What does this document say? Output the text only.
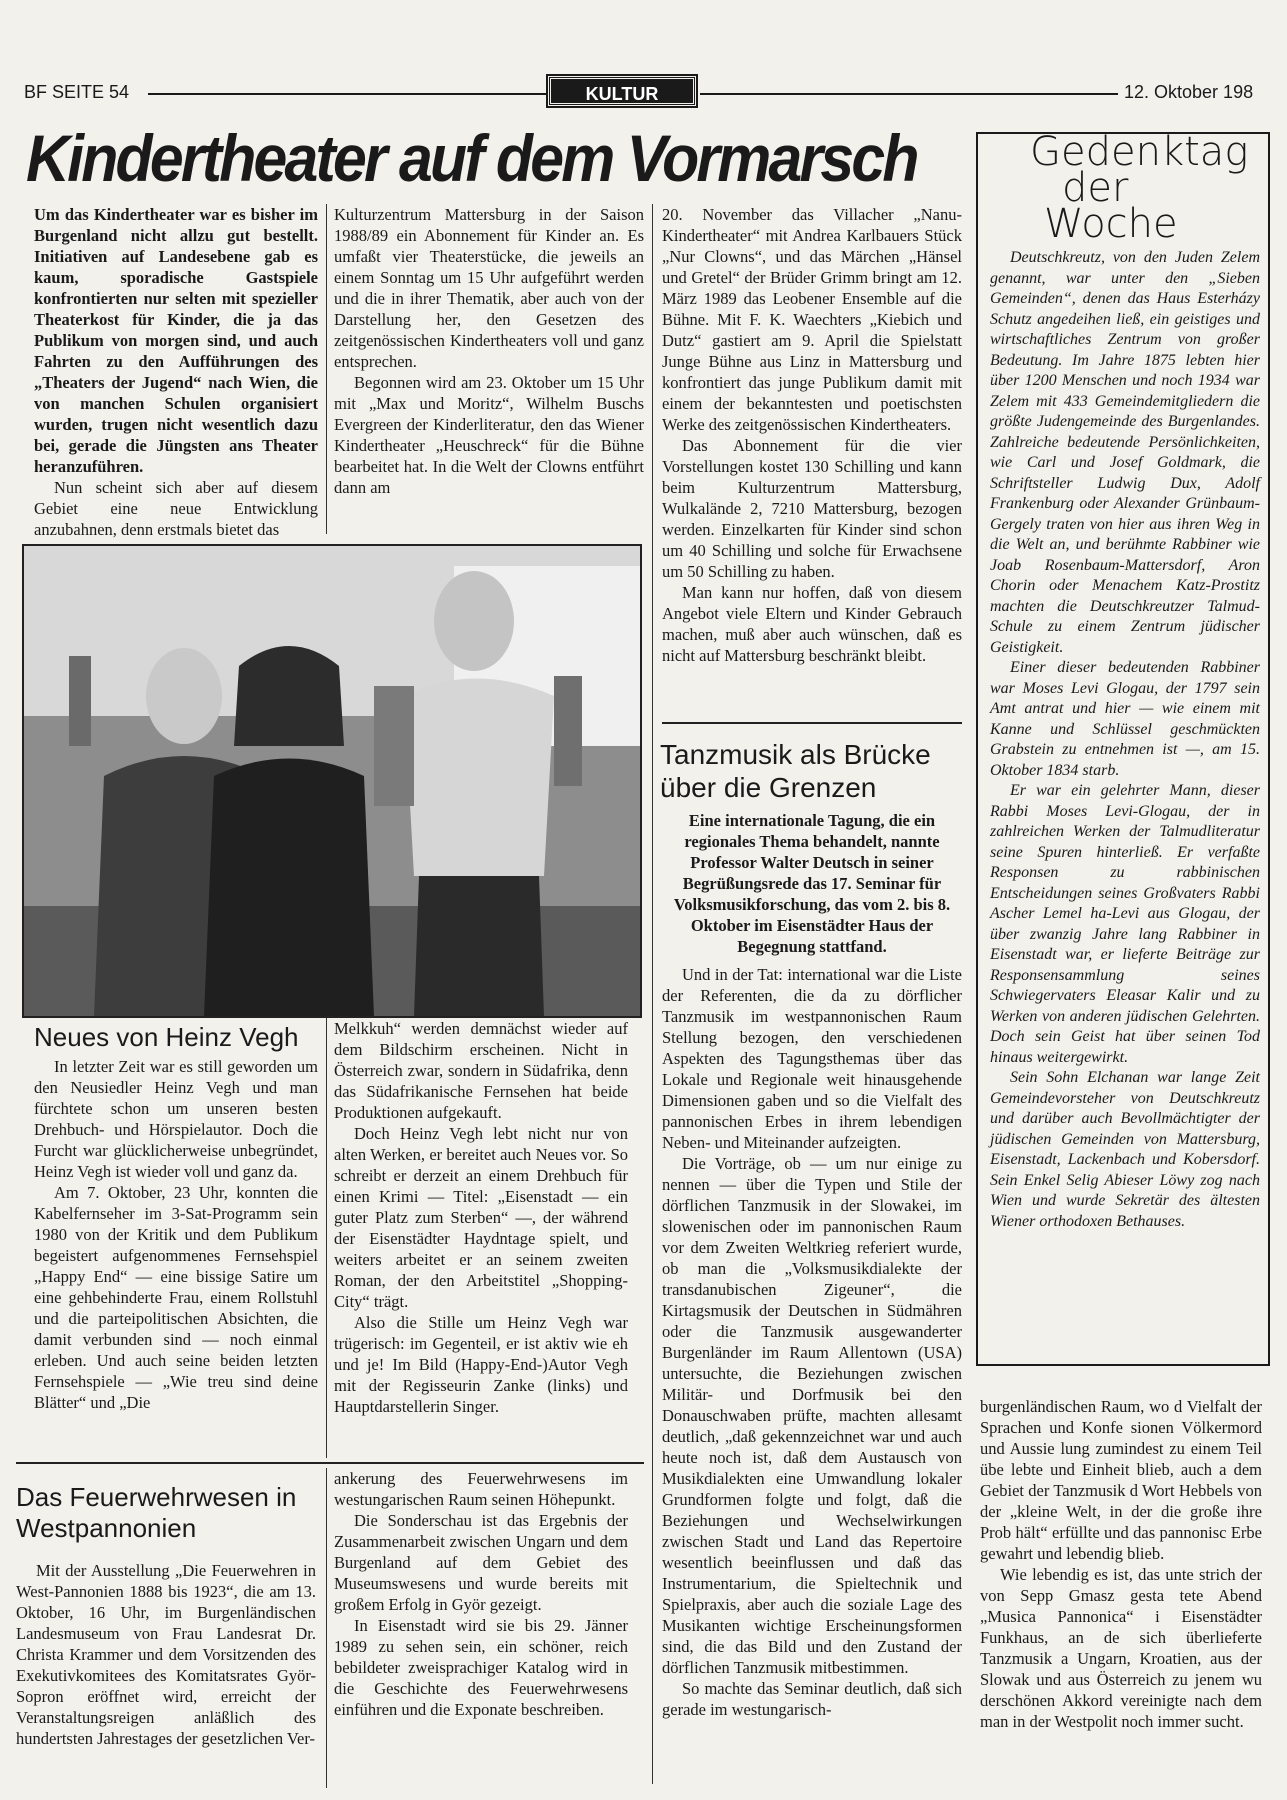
BF SEITE 54	KULTUR	12. Oktober 198
Kindertheater auf dem Vormarsch

Um das Kindertheater war es bisher im Burgenland nicht allzu gut bestellt. Initiativen auf Landesebene gab es kaum, sporadische Gastspiele konfrontierten nur selten mit spezieller Theaterkost für Kinder, die ja das Publikum von morgen sind, und auch Fahrten zu den Aufführungen des „Theaters der Jugend“ nach Wien, die von manchen Schulen organisiert wurden, trugen nicht wesentlich dazu bei, gerade die Jüngsten ans Theater heranzuführen.

Nun scheint sich aber auf diesem Gebiet eine neue Entwicklung anzubahnen, denn erstmals bietet das

Kulturzentrum Mattersburg in der Saison 1988/89 ein Abonnement für Kinder an. Es umfaßt vier Theaterstücke, die jeweils an einem Sonntag um 15 Uhr aufgeführt werden und die in ihrer Thematik, aber auch von der Darstellung her, den Gesetzen des zeitgenössischen Kindertheaters voll und ganz entsprechen.

Begonnen wird am 23. Oktober um 15 Uhr mit „Max und Moritz“, Wilhelm Buschs Evergreen der Kinderliteratur, den das Wiener Kindertheater „Heuschreck“ für die Bühne bearbeitet hat. In die Welt der Clowns entführt dann am

20. November das Villacher „Nanu-Kindertheater“ mit Andrea Karlbauers Stück „Nur Clowns“, und das Märchen „Hänsel und Gretel“ der Brüder Grimm bringt am 12. März 1989 das Leobener Ensemble auf die Bühne. Mit F. K. Waechters „Kiebich und Dutz“ gastiert am 9. April die Spielstatt Junge Bühne aus Linz in Mattersburg und konfrontiert das junge Publikum damit mit einem der bekanntesten und poetischsten Werke des zeitgenössischen Kindertheaters.

Das Abonnement für die vier Vorstellungen kostet 130 Schilling und kann beim Kulturzentrum Mattersburg, Wulkalände 2, 7210 Mattersburg, bezogen werden. Einzelkarten für Kinder sind schon um 40 Schilling und solche für Erwachsene um 50 Schilling zu haben.

Man kann nur hoffen, daß von diesem Angebot viele Eltern und Kinder Gebrauch machen, muß aber auch wünschen, daß es nicht auf Mattersburg beschränkt bleibt.

Neues von Heinz Vegh

In letzter Zeit war es still geworden um den Neusiedler Heinz Vegh und man fürchtete schon um unseren besten Drehbuch- und Hörspielautor. Doch die Furcht war glücklicherweise unbegründet, Heinz Vegh ist wieder voll und ganz da.

Am 7. Oktober, 23 Uhr, konnten die Kabelfernseher im 3-Sat-Programm sein 1980 von der Kritik und dem Publikum begeistert aufgenommenes Fernsehspiel „Happy End“ — eine bissige Satire um eine gehbehinderte Frau, einem Rollstuhl und die parteipolitischen Absichten, die damit verbunden sind — noch einmal erleben. Und auch seine beiden letzten Fernsehspiele — „Wie treu sind deine Blätter“ und „Die

Melkkuh“ werden demnächst wieder auf dem Bildschirm erscheinen. Nicht in Österreich zwar, sondern in Südafrika, denn das Südafrikanische Fernsehen hat beide Produktionen aufgekauft.

Doch Heinz Vegh lebt nicht nur von alten Werken, er bereitet auch Neues vor. So schreibt er derzeit an einem Drehbuch für einen Krimi — Titel: „Eisenstadt — ein guter Platz zum Sterben“ —, der während der Eisenstädter Haydntage spielt, und weiters arbeitet er an seinem zweiten Roman, der den Arbeitstitel „Shopping-City“ trägt.

Also die Stille um Heinz Vegh war trügerisch: im Gegenteil, er ist aktiv wie eh und je! Im Bild (Happy-End-)Autor Vegh mit der Regisseurin Zanke (links) und Hauptdarstellerin Singer.

Das Feuerwehrwesen in Westpannonien

Mit der Ausstellung „Die Feuerwehren in West-Pannonien 1888 bis 1923“, die am 13. Oktober, 16 Uhr, im Burgenländischen Landesmuseum von Frau Landesrat Dr. Christa Krammer und dem Vorsitzenden des Exekutivkomitees des Komitatsrates Györ-Sopron eröffnet wird, erreicht der Veranstaltungsreigen anläßlich des hundertsten Jahrestages der gesetzlichen Ver-

ankerung des Feuerwehrwesens im westungarischen Raum seinen Höhepunkt.

Die Sonderschau ist das Ergebnis der Zusammenarbeit zwischen Ungarn und dem Burgenland auf dem Gebiet des Museumswesens und wurde bereits mit großem Erfolg in Györ gezeigt.

In Eisenstadt wird sie bis 29. Jänner 1989 zu sehen sein, ein schöner, reich bebildeter zweisprachiger Katalog wird in die Geschichte des Feuerwehrwesens einführen und die Exponate beschreiben.

Tanzmusik als Brücke über die Grenzen
Eine internationale Tagung, die ein regionales Thema behandelt, nannte Professor Walter Deutsch in seiner Begrüßungsrede das 17. Seminar für Volksmusikforschung, das vom 2. bis 8. Oktober im Eisenstädter Haus der Begegnung stattfand.

Und in der Tat: international war die Liste der Referenten, die da zu dörflicher Tanzmusik im westpannonischen Raum Stellung bezogen, den verschiedenen Aspekten des Tagungsthemas über das Lokale und Regionale weit hinausgehende Dimensionen gaben und so die Vielfalt des pannonischen Erbes in ihrem lebendigen Neben- und Miteinander aufzeigten.

Die Vorträge, ob — um nur einige zu nennen — über die Typen und Stile der dörflichen Tanzmusik in der Slowakei, im slowenischen oder im pannonischen Raum vor dem Zweiten Weltkrieg referiert wurde, ob man die „Volksmusikdialekte der transdanubischen Zigeuner“, die Kirtagsmusik der Deutschen in Südmähren oder die Tanzmusik ausgewanderter Burgenländer im Raum Allentown (USA) untersuchte, die Beziehungen zwischen Militär- und Dorfmusik bei den Donauschwaben prüfte, machten allesamt deutlich, „daß gekennzeichnet war und auch heute noch ist, daß dem Austausch von Musikdialekten eine Umwandlung lokaler Grundformen folgte und folgt, daß die Beziehungen und Wechselwirkungen zwischen Stadt und Land das Repertoire wesentlich beeinflussen und daß das Instrumentarium, die Spieltechnik und Spielpraxis, aber auch die soziale Lage des Musikanten wichtige Erscheinungsformen sind, die das Bild und den Zustand der dörflichen Tanzmusik mitbestimmen.

So machte das Seminar deutlich, daß sich gerade im westungarisch-

burgenländischen Raum, wo d Vielfalt der Sprachen und Konfe sionen Völkermord und Aussie lung zumindest zu einem Teil übe lebte und Einheit blieb, auch a dem Gebiet der Tanzmusik d Wort Hebbels von der „kleine Welt, in der die große ihre Prob hält“ erfüllte und das pannonisc Erbe gewahrt und lebendig blieb.

Wie lebendig es ist, das unte strich der von Sepp Gmasz gesta tete Abend „Musica Pannonica“ i Eisenstädter Funkhaus, an de sich überlieferte Tanzmusik a Ungarn, Kroatien, aus der Slowak und aus Österreich zu jenem wu derschönen Akkord vereinigte nach dem man in der Westpolit noch immer sucht.

Gedenktag
der
Woche

Deutschkreutz, von den Juden Zelem genannt, war unter den „Sieben Gemeinden“, denen das Haus Esterházy Schutz angedeihen ließ, ein geistiges und wirtschaftliches Zentrum von großer Bedeutung. Im Jahre 1875 lebten hier über 1200 Menschen und noch 1934 war Zelem mit 433 Gemeindemitgliedern die größte Judengemeinde des Burgenlandes. Zahlreiche bedeutende Persönlichkeiten, wie Carl und Josef Goldmark, die Schriftsteller Ludwig Dux, Adolf Frankenburg oder Alexander Grünbaum-Gergely traten von hier aus ihren Weg in die Welt an, und berühmte Rabbiner wie Joab Rosenbaum-Mattersdorf, Aron Chorin oder Menachem Katz-Prostitz machten die Deutschkreutzer Talmud-Schule zu einem Zentrum jüdischer Geistigkeit.

Einer dieser bedeutenden Rabbiner war Moses Levi Glogau, der 1797 sein Amt antrat und hier — wie einem mit Kanne und Schlüssel geschmückten Grabstein zu entnehmen ist —, am 15. Oktober 1834 starb.

Er war ein gelehrter Mann, dieser Rabbi Moses Levi-Glogau, der in zahlreichen Werken der Talmudliteratur seine Spuren hinterließ. Er verfaßte Responsen zu rabbinischen Entscheidungen seines Großvaters Rabbi Ascher Lemel ha-Levi aus Glogau, der über zwanzig Jahre lang Rabbiner in Eisenstadt war, er lieferte Beiträge zur Responsensammlung seines Schwiegervaters Eleasar Kalir und zu Werken von anderen jüdischen Gelehrten. Doch sein Geist hat über seinen Tod hinaus weitergewirkt.

Sein Sohn Elchanan war lange Zeit Gemeindevorsteher von Deutschkreutz und darüber auch Bevollmächtigter der jüdischen Gemeinden von Mattersburg, Eisenstadt, Lackenbach und Kobersdorf. Sein Enkel Selig Abieser Löwy zog nach Wien und wurde Sekretär des ältesten Wiener orthodoxen Bethauses.
